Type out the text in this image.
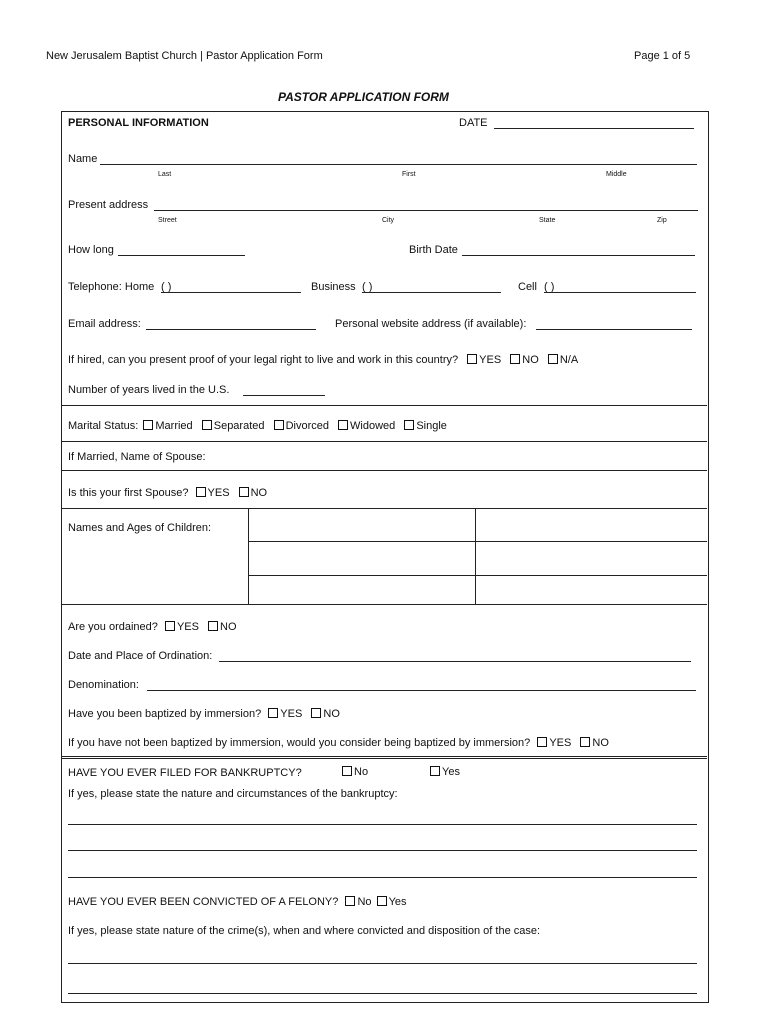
New Jerusalem Baptist Church | Pastor Application Form	Page 1 of 5
PASTOR APPLICATION FORM
PERSONAL INFORMATION	DATE
Name
Last	First	Middle
Present address
Street	City	State	Zip
How long	Birth Date
Telephone: Home ( )	Business ( )	Cell ( )
Email address:	Personal website address (if available):
If hired, can you present proof of your legal right to live and work in this country? YES NO N/A
Number of years lived in the U.S.
Marital Status: Married Separated Divorced Widowed Single
If Married, Name of Spouse:
Is this your first Spouse? YES NO
Names and Ages of Children:
Are you ordained? YES NO
Date and Place of Ordination:
Denomination:
Have you been baptized by immersion? YES NO
If you have not been baptized by immersion, would you consider being baptized by immersion? YES NO
HAVE YOU EVER FILED FOR BANKRUPTCY?	No	Yes
If yes, please state the nature and circumstances of the bankruptcy:
HAVE YOU EVER BEEN CONVICTED OF A FELONY? No Yes
If yes, please state nature of the crime(s), when and where convicted and disposition of the case:
